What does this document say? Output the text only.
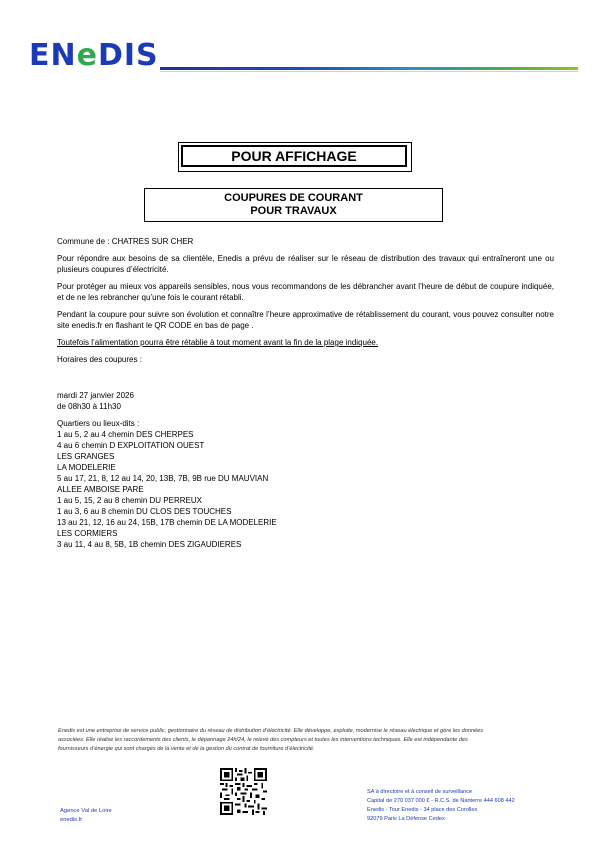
ENeDIS
POUR AFFICHAGE
COUPURES DE COURANT
POUR TRAVAUX

Commune de : CHATRES SUR CHER

Pour répondre aux besoins de sa clientèle, Enedis a prévu de réaliser sur le réseau de distribution des travaux qui entraîneront une ou plusieurs coupures d’électricité.

Pour protéger au mieux vos appareils sensibles, nous vous recommandons de les débrancher avant l’heure de début de coupure indiquée, et de ne les rebrancher qu’une fois le courant rétabli.

Pendant la coupure pour suivre son évolution et connaître l’heure approximative de rétablissement du courant, vous pouvez consulter notre site enedis.fr en flashant le QR CODE en bas de page .

Toutefois l’alimentation pourra être rétablie à tout moment avant la fin de la plage indiquée.

Horaires des coupures :

mardi 27 janvier 2026

de 08h30 à 11h30

Quartiers ou lieux-dits :

1 au 5, 2 au 4 chemin DES CHERPES

4 au 6 chemin D EXPLOITATION OUEST

LES GRANGES

LA MODELERIE

5 au 17, 21, 8, 12 au 14, 20, 13B, 7B, 9B rue DU MAUVIAN

ALLEE AMBOISE PARE

1 au 5, 15, 2 au 8 chemin DU PERREUX

1 au 3, 6 au 8 chemin DU CLOS DES TOUCHES

13 au 21, 12, 16 au 24, 15B, 17B chemin DE LA MODELERIE

LES CORMIERS

3 au 11, 4 au 8, 5B, 1B chemin DES ZIGAUDIERES

Enedis est une entreprise de service public, gestionnaire du réseau de distribution d’électricité. Elle développe, exploite, modernise le réseau électrique et gère les données
associées. Elle réalise les raccordements des clients, le dépannage 24h/24, le relevé des compteurs et toutes les interventions techniques. Elle est indépendante des
fournisseurs d’énergie qui sont chargés de la vente et de la gestion du contrat de fourniture d’électricité.
Agence Val de Loire
enedis.fr
SA à directoire et à conseil de surveillance
Capital de 270 037 000 € - R.C.S. de Nanterre 444 608 442
Enedis - Tour Enedis - 34 place des Corolles
92079 Paris La Défense Cedex
